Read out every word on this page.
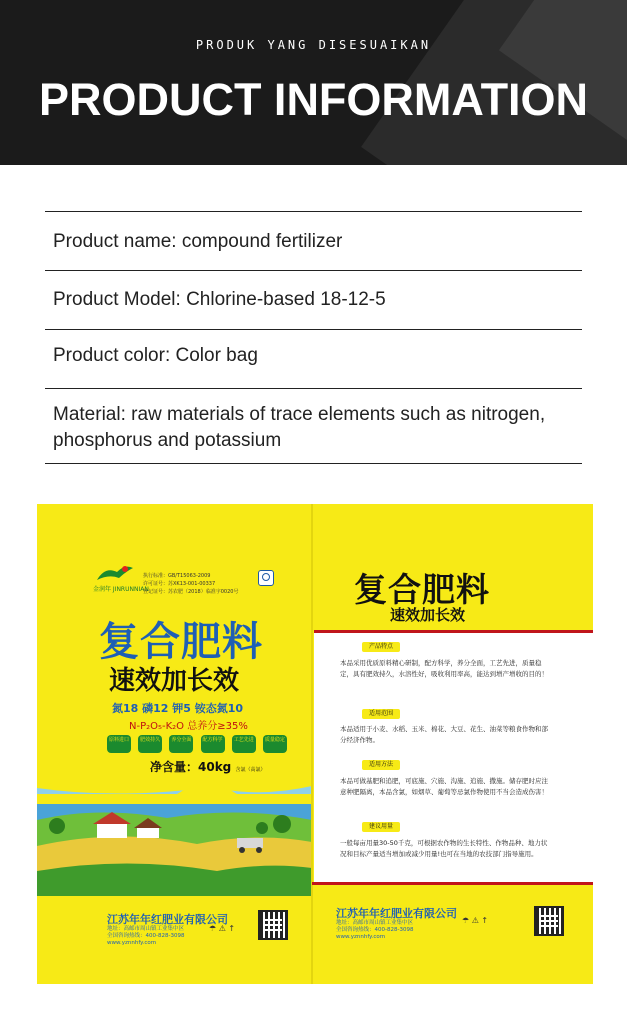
PRODUK YANG DISESUAIKAN
PRODUCT INFORMATION
Product name: compound fertilizer
Product Model: Chlorine-based 18-12-5
Product color: Color bag
Material: raw materials of trace elements such as nitrogen, phosphorus and potassium
金润年 JINRUNNIAN
执行标准：GB/T15063-2009
许可证号：苏XK13-001-00337
登记证号：苏农肥（2018）临准字0020号
复合肥料
速效加长效
氮18 磷12 钾5 铵态氮10
N-P₂O₅-K₂O 总养分≥35%
原料进口	肥效持久	养分全面	配方科学	工艺先进	质量稳定
净含量：40kg 含氯（高氯）
江苏年年红肥业有限公司
地址：高邮市周山镇工业集中区
全国咨询热线：400-828-3098
www.yznnhfy.com
☂ ⚠ ↑
复合肥料
速效加长效
产品特点
本品采用优质原料精心研制，配方科学，养分全面，工艺先进，质量稳定，具有肥效持久，水溶性好，吸收利用率高，能达到增产增收的目的！
适用范围
本品适用于小麦、水稻、玉米、棉花、大豆、花生、油菜等粮食作物和部分经济作物。
适用方法
本品可做基肥和追肥，可底施、穴施、沟施、追施、撒施。储存肥时应注意种肥隔离，本品含氯，如烟草、葡萄等忌氯作物使用不当会造成伤害！
建议用量
一般每亩用量30-50千克，可根据农作物的生长特性、作物品种、地力状况和目标产量适当增加或减少用量!也可在当地的农技部门指导施用。
江苏年年红肥业有限公司
地址：高邮市周山镇工业集中区
全国咨询热线：400-828-3098
www.yznnhfy.com
☂ ⚠ ↑
